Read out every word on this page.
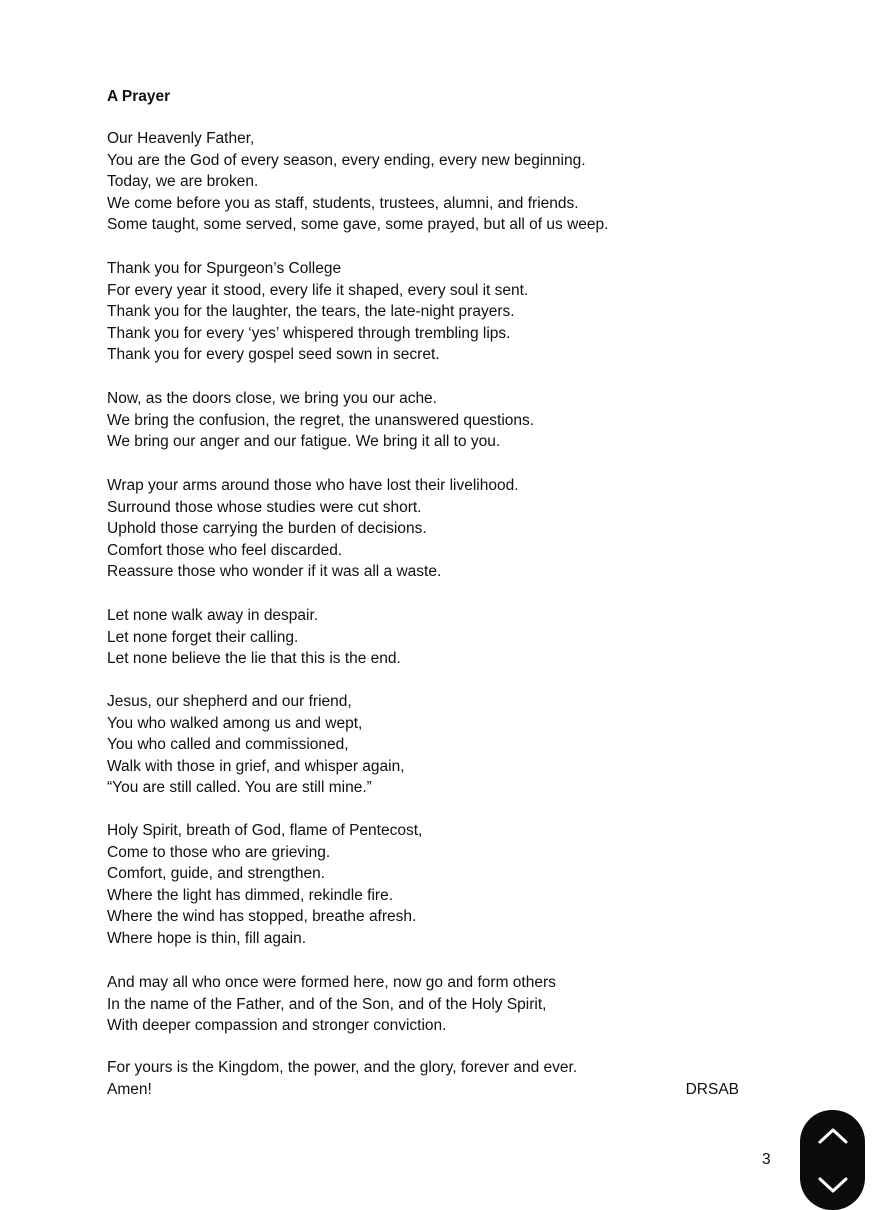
A Prayer
Our Heavenly Father,
You are the God of every season, every ending, every new beginning.
Today, we are broken.
We come before you as staff, students, trustees, alumni, and friends.
Some taught, some served, some gave, some prayed, but all of us weep.
Thank you for Spurgeon’s College
For every year it stood, every life it shaped, every soul it sent.
Thank you for the laughter, the tears, the late-night prayers.
Thank you for every ‘yes’ whispered through trembling lips.
Thank you for every gospel seed sown in secret.
Now, as the doors close, we bring you our ache.
We bring the confusion, the regret, the unanswered questions.
We bring our anger and our fatigue. We bring it all to you.
Wrap your arms around those who have lost their livelihood.
Surround those whose studies were cut short.
Uphold those carrying the burden of decisions.
Comfort those who feel discarded.
Reassure those who wonder if it was all a waste.
Let none walk away in despair.
Let none forget their calling.
Let none believe the lie that this is the end.
Jesus, our shepherd and our friend,
You who walked among us and wept,
You who called and commissioned,
Walk with those in grief, and whisper again,
“You are still called. You are still mine.”
Holy Spirit, breath of God, flame of Pentecost,
Come to those who are grieving.
Comfort, guide, and strengthen.
Where the light has dimmed, rekindle fire.
Where the wind has stopped, breathe afresh.
Where hope is thin, fill again.
And may all who once were formed here, now go and form others
In the name of the Father, and of the Son, and of the Holy Spirit,
With deeper compassion and stronger conviction.
For yours is the Kingdom, the power, and the glory, forever and ever.
Amen!	DRSAB
3
